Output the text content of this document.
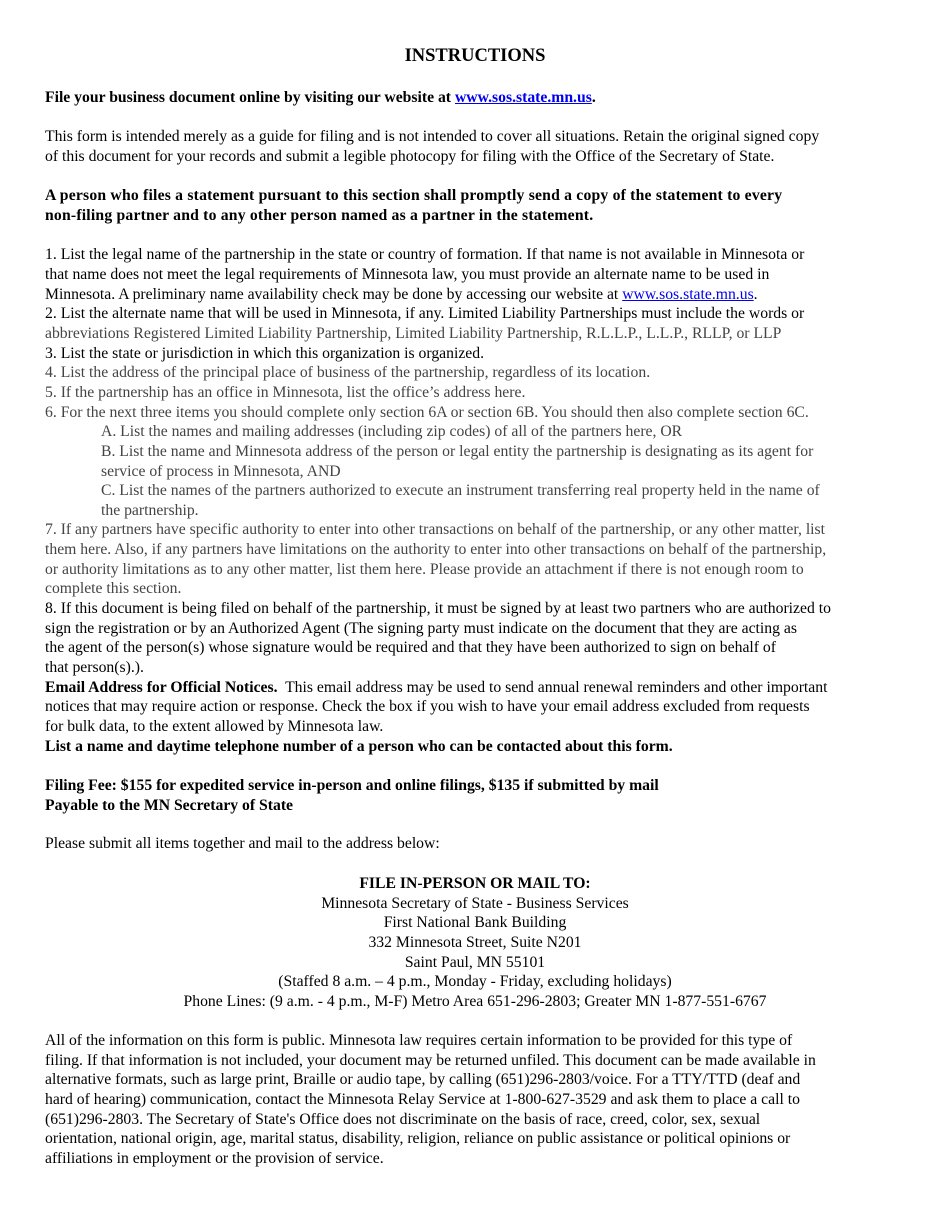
INSTRUCTIONS
File your business document online by visiting our website at www.sos.state.mn.us.
This form is intended merely as a guide for filing and is not intended to cover all situations. Retain the original signed copy
of this document for your records and submit a legible photocopy for filing with the Office of the Secretary of State.
A person who files a statement pursuant to this section shall promptly send a copy of the statement to every
non-filing partner and to any other person named as a partner in the statement.
1. List the legal name of the partnership in the state or country of formation. If that name is not available in Minnesota or
that name does not meet the legal requirements of Minnesota law, you must provide an alternate name to be used in
Minnesota. A preliminary name availability check may be done by accessing our website at www.sos.state.mn.us.
2. List the alternate name that will be used in Minnesota, if any. Limited Liability Partnerships must include the words or
abbreviations Registered Limited Liability Partnership, Limited Liability Partnership, R.L.L.P., L.L.P., RLLP, or LLP
3. List the state or jurisdiction in which this organization is organized.
4. List the address of the principal place of business of the partnership, regardless of its location.
5. If the partnership has an office in Minnesota, list the office’s address here.
6. For the next three items you should complete only section 6A or section 6B. You should then also complete section 6C.
A. List the names and mailing addresses (including zip codes) of all of the partners here, OR
B. List the name and Minnesota address of the person or legal entity the partnership is designating as its agent for
service of process in Minnesota, AND
C. List the names of the partners authorized to execute an instrument transferring real property held in the name of
the partnership.
7. If any partners have specific authority to enter into other transactions on behalf of the partnership, or any other matter, list
them here. Also, if any partners have limitations on the authority to enter into other transactions on behalf of the partnership,
or authority limitations as to any other matter, list them here. Please provide an attachment if there is not enough room to
complete this section.
8. If this document is being filed on behalf of the partnership, it must be signed by at least two partners who are authorized to
sign the registration or by an Authorized Agent (The signing party must indicate on the document that they are acting as
the agent of the person(s) whose signature would be required and that they have been authorized to sign on behalf of
that person(s).).
Email Address for Official Notices.  This email address may be used to send annual renewal reminders and other important
notices that may require action or response. Check the box if you wish to have your email address excluded from requests
for bulk data, to the extent allowed by Minnesota law.
List a name and daytime telephone number of a person who can be contacted about this form.
Filing Fee: $155 for expedited service in-person and online filings, $135 if submitted by mail
Payable to the MN Secretary of State
Please submit all items together and mail to the address below:
FILE IN-PERSON OR MAIL TO:
Minnesota Secretary of State - Business Services
First National Bank Building
332 Minnesota Street, Suite N201
Saint Paul, MN 55101
(Staffed 8 a.m. – 4 p.m., Monday - Friday, excluding holidays)
Phone Lines: (9 a.m. - 4 p.m., M-F) Metro Area 651-296-2803; Greater MN 1-877-551-6767
All of the information on this form is public. Minnesota law requires certain information to be provided for this type of
filing. If that information is not included, your document may be returned unfiled. This document can be made available in
alternative formats, such as large print, Braille or audio tape, by calling (651)296-2803/voice. For a TTY/TTD (deaf and
hard of hearing) communication, contact the Minnesota Relay Service at 1-800-627-3529 and ask them to place a call to
(651)296-2803. The Secretary of State's Office does not discriminate on the basis of race, creed, color, sex, sexual
orientation, national origin, age, marital status, disability, religion, reliance on public assistance or political opinions or
affiliations in employment or the provision of service.
